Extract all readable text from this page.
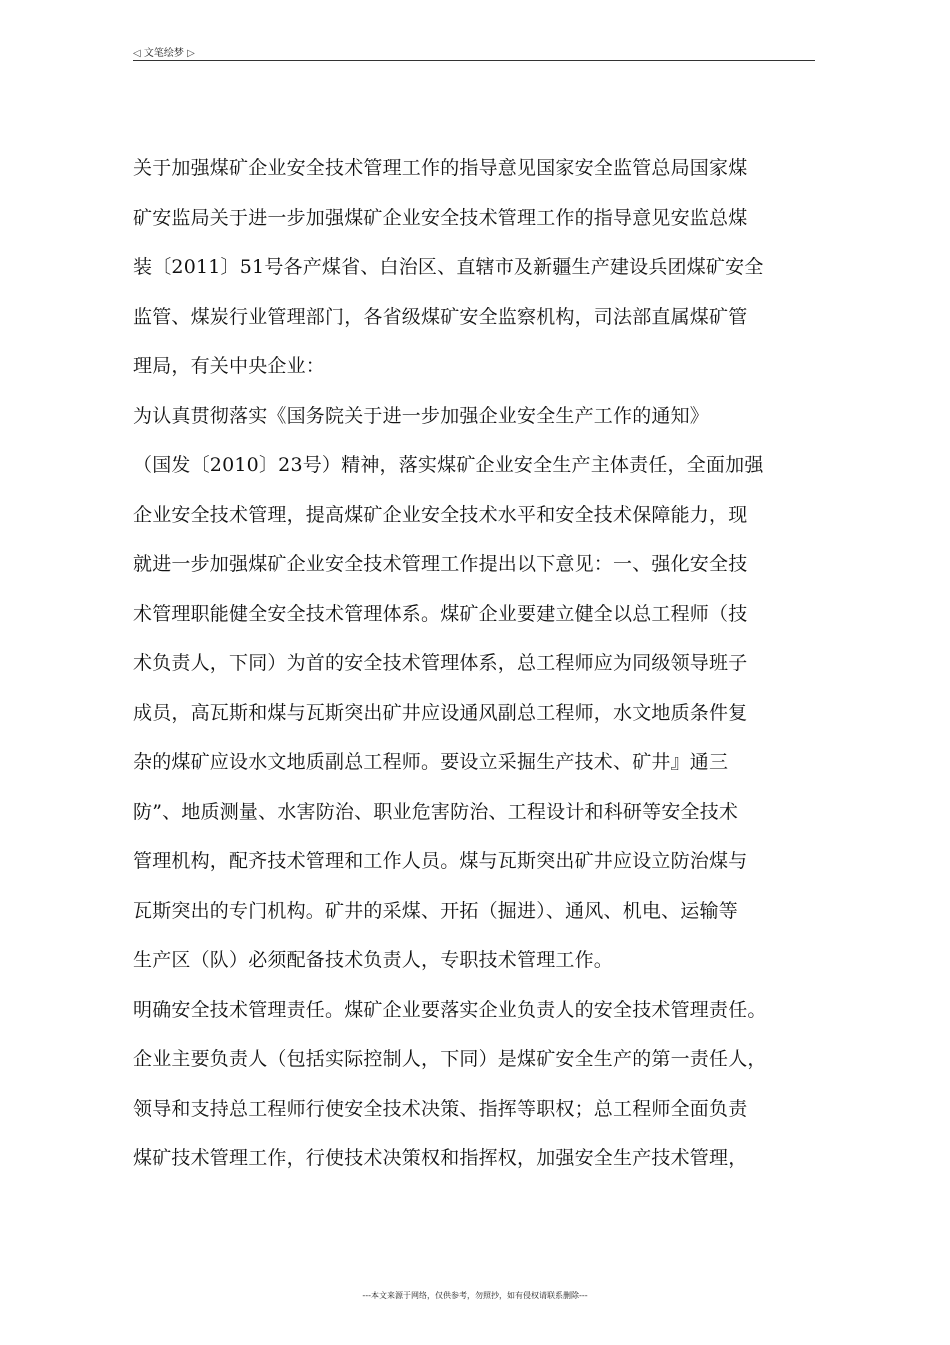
◁ 文笔绘梦 ▷
关于加强煤矿企业安全技术管理工作的指导意见国家安全监管总局国家煤
矿安监局关于进一步加强煤矿企业安全技术管理工作的指导意见安监总煤
装〔2011〕51号各产煤省、白治区、直辖市及新疆生产建设兵团煤矿安全
监管、煤炭行业管理部门，各省级煤矿安全监察机构，司法部直属煤矿管
理局，有关中央企业：
为认真贯彻落实《国务院关于进一步加强企业安全生产工作的通知》
（国发〔2010〕23号）精神，落实煤矿企业安全生产主体责任，全面加强
企业安全技术管理，提高煤矿企业安全技术水平和安全技术保障能力，现
就进一步加强煤矿企业安全技术管理工作提出以下意见：一、强化安全技
术管理职能健全安全技术管理体系。煤矿企业要建立健全以总工程师（技
术负责人，下同）为首的安全技术管理体系，总工程师应为同级领导班子
成员，高瓦斯和煤与瓦斯突出矿井应设通风副总工程师，水文地质条件复
杂的煤矿应设水文地质副总工程师。要设立采掘生产技术、矿井』通三
防”、地质测量、水害防治、职业危害防治、工程设计和科研等安全技术
管理机构，配齐技术管理和工作人员。煤与瓦斯突出矿井应设立防治煤与
瓦斯突出的专门机构。矿井的采煤、开拓（掘进）、通风、机电、运输等
生产区（队）必须配备技术负责人，专职技术管理工作。
明确安全技术管理责任。煤矿企业要落实企业负责人的安全技术管理责任。
企业主要负责人（包括实际控制人，下同）是煤矿安全生产的第一责任人，
领导和支持总工程师行使安全技术决策、指挥等职权；总工程师全面负责
煤矿技术管理工作，行使技术决策权和指挥权，加强安全生产技术管理，
---本文来源于网络，仅供参考，勿照抄，如有侵权请联系删除---
